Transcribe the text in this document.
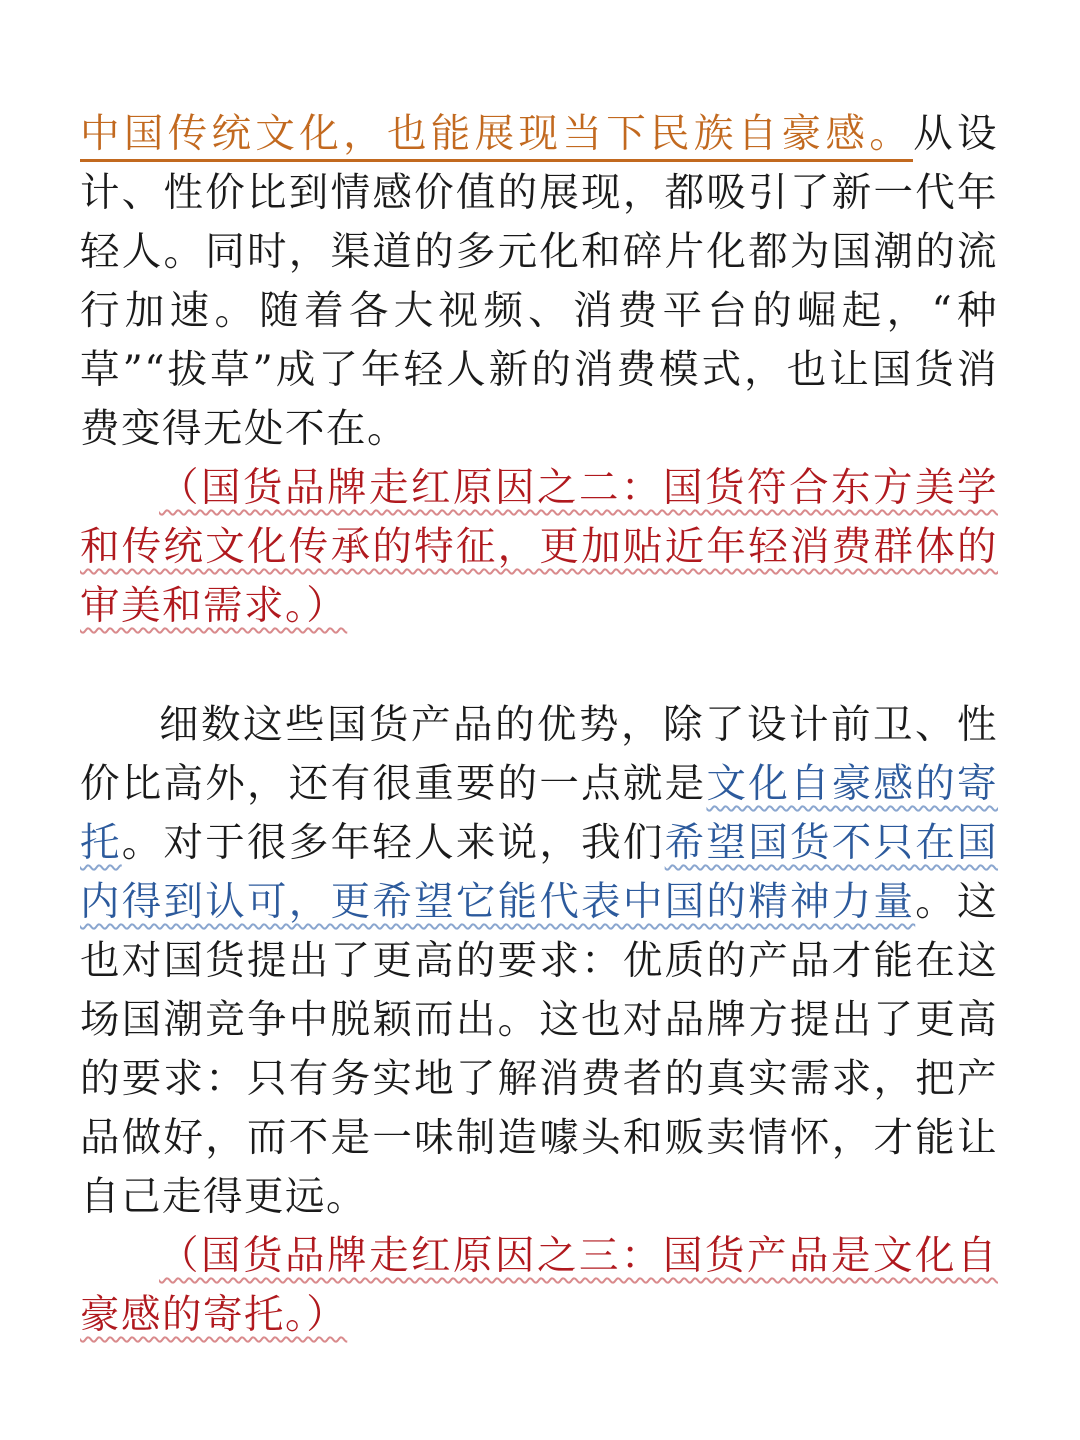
中国传统文化，也能展现当下民族自豪感。从设计、性价比到情感价值的展现，都吸引了新一代年轻人。同时，渠道的多元化和碎片化都为国潮的流行加速。随着各大视频、消费平台的崛起，“种草”“拔草”成了年轻人新的消费模式，也让国货消费变得无处不在。

（国货品牌走红原因之二：国货符合东方美学和传统文化传承的特征，更加贴近年轻消费群体的审美和需求。）

细数这些国货产品的优势，除了设计前卫、性价比高外，还有很重要的一点就是文化自豪感的寄托。对于很多年轻人来说，我们希望国货不只在国内得到认可，更希望它能代表中国的精神力量。这也对国货提出了更高的要求：优质的产品才能在这场国潮竞争中脱颖而出。这也对品牌方提出了更高的要求：只有务实地了解消费者的真实需求，把产品做好，而不是一味制造噱头和贩卖情怀，才能让自己走得更远。

（国货品牌走红原因之三：国货产品是文化自豪感的寄托。）
